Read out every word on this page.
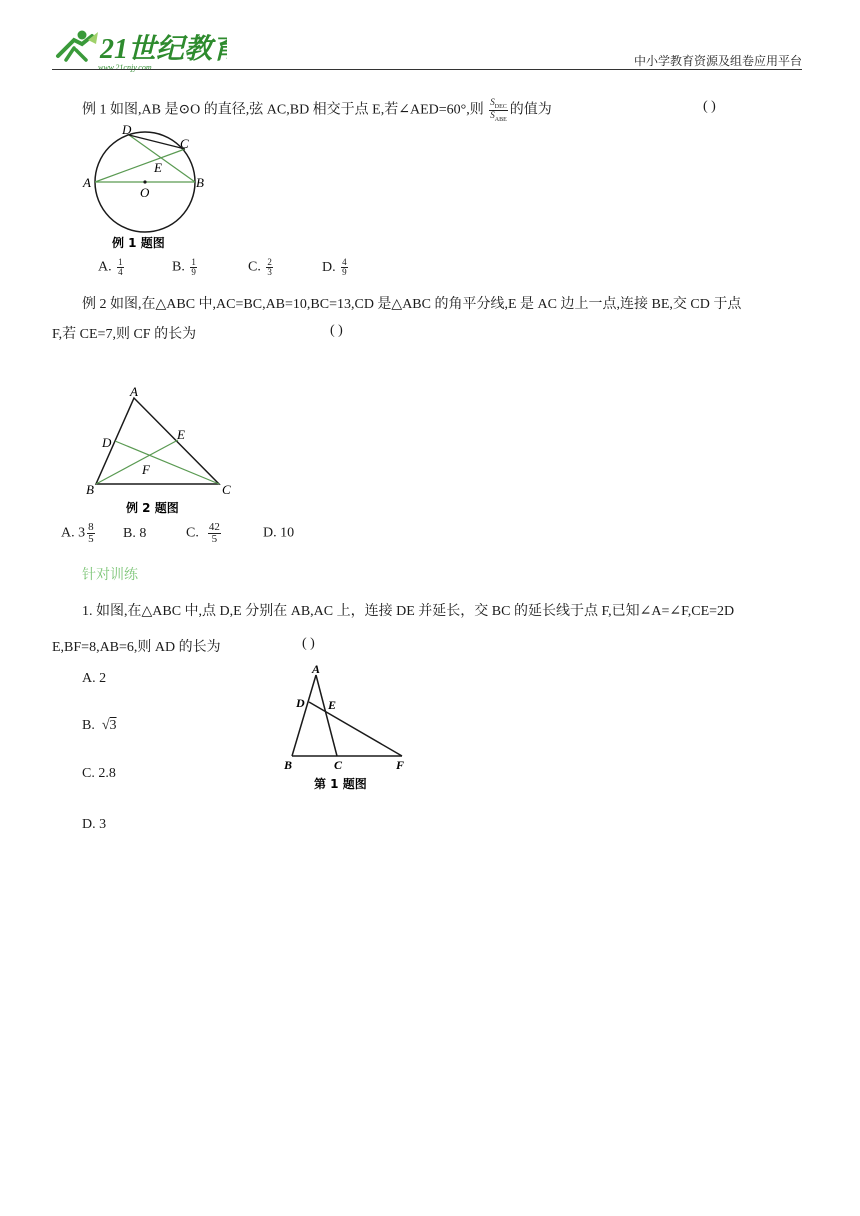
21世纪教育
www.21cnjy.com	中小学教育资源及组卷应用平台
例 1 如图,AB 是⊙O 的直径,弦 AC,BD 相交于点 E,若∠AED=60°,则 $\frac{S_{DEC}}{S_{ABE}}$ 的值为	( )
A	B
C
D
E
O
例 1 题图
A. $\frac{1}{4}$	B. $\frac{1}{9}$	C. $\frac{2}{3}$	D. $\frac{4}{9}$
例 2 如图,在△ABC 中,AC=BC,AB=10,BC=13,CD 是△ABC 的角平分线,E 是 AC 边上一点,连接 BE,交 CD 于点
F,若 CE=7,则 CF 的长为	( )
A
B	C
D
E
F
例 2 题图
A. $3 \frac{8}{5} B$. 8	C. $\frac{42}{5}$	D. 10
针对训练
1. 如图,在△ABC 中,点 D,E 分别在 AB,AC 上，连接 DE 并延长，交 BC 的延长线于点 F,已知∠A=∠F,CE=2D
E,BF=8,AB=6,则 AD 的长为	( )
A. 2
B.  √3
C. 2.8
D. 3
A
B	C
D E
F
第 1 题图
